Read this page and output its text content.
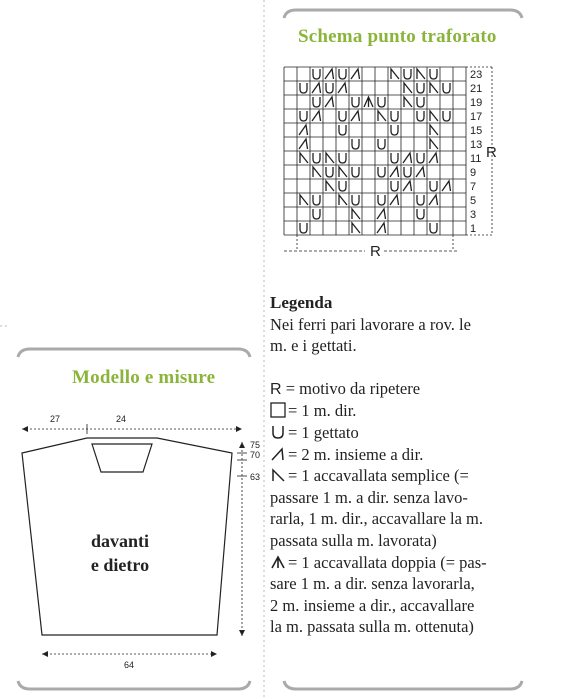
Schema punto traforato
23
21
19
17
15
13
11
9
7
5
3
1
R
R

Legenda

Nei ferri pari lavorare a rov. le

m. e i gettati.

R = motivo da ripetere

= 1 m. dir.

= 1 gettato

= 2 m. insieme a dir.

= 1 accavallata semplice (=

passare 1 m. a dir. senza lavo-

rarla, 1 m. dir., accavallare la m.

passata sulla m. lavorata)

= 1 accavallata doppia (= pas-

sare 1 m. a dir. senza lavorarla,

2 m. insieme a dir., accavallare

la m. passata sulla m. ottenuta)

Modello e misure
27	24
75
70
63
64
davanti
e dietro
